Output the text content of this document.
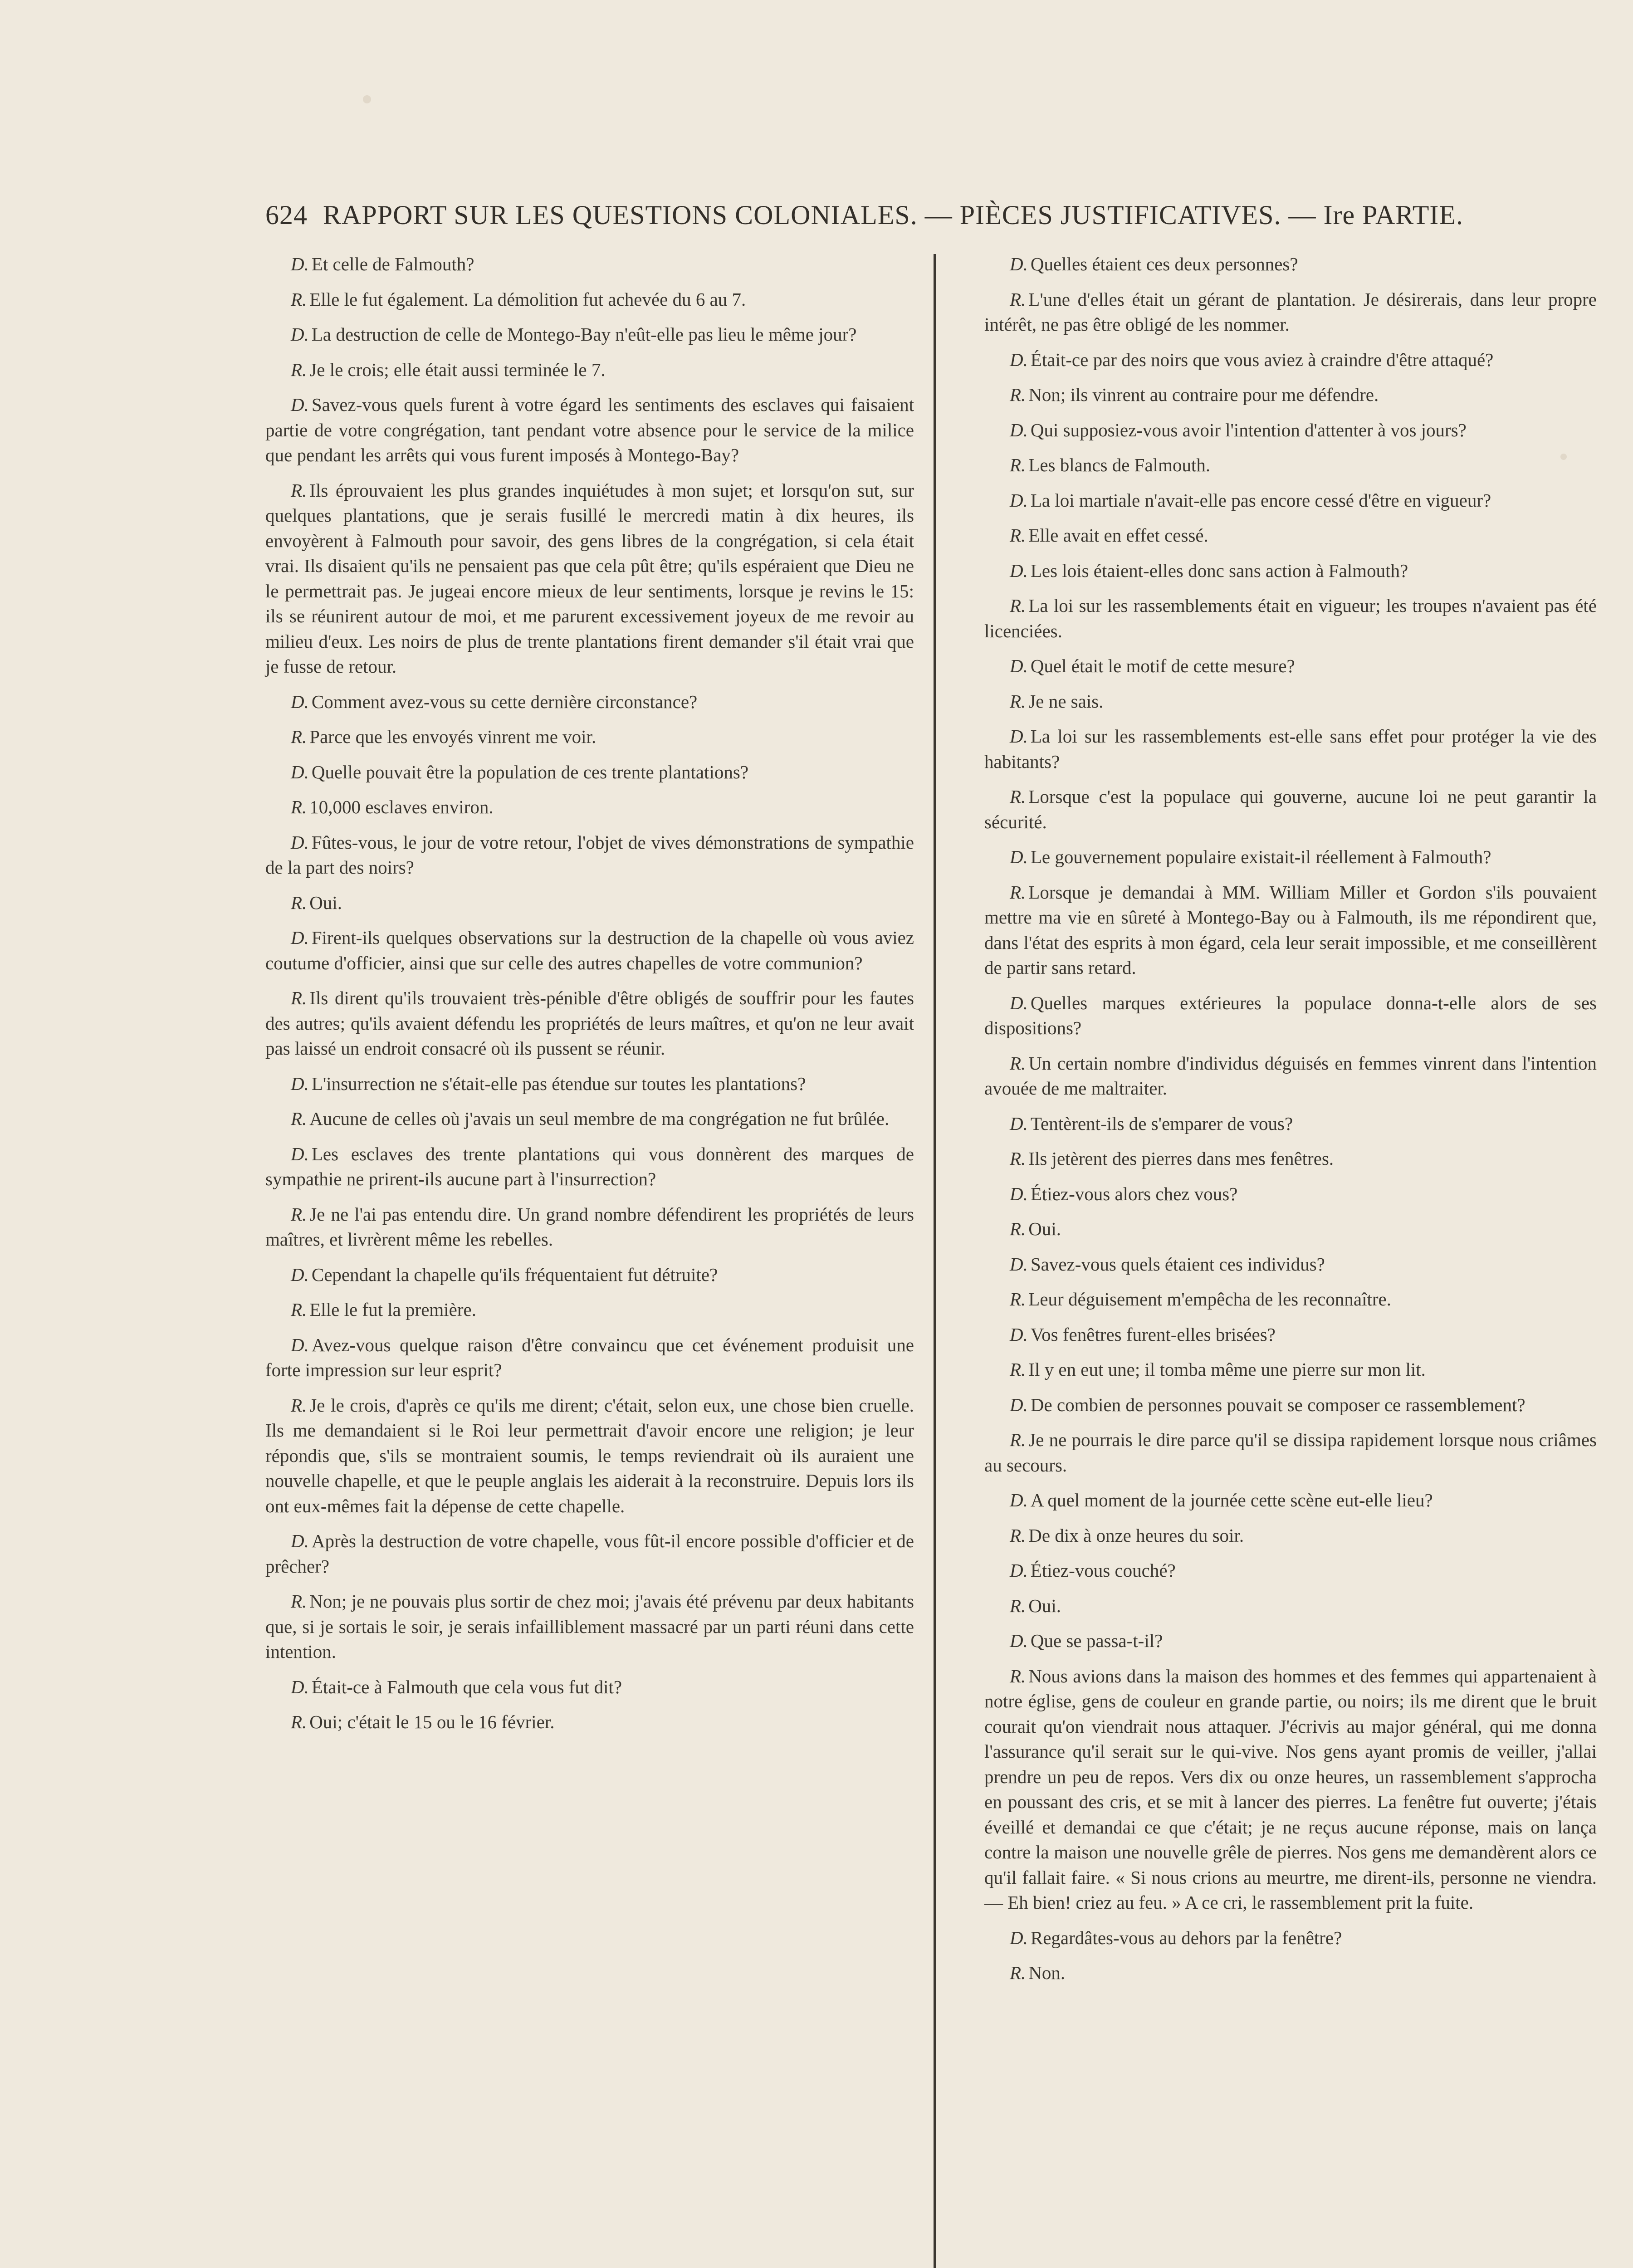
624 RAPPORT SUR LES QUESTIONS COLONIALES. — PIÈCES JUSTIFICATIVES. — Ire PARTIE.

D. Et celle de Falmouth?

R. Elle le fut également. La démolition fut achevée du 6 au 7.

D. La destruction de celle de Montego-Bay n'eût-elle pas lieu le même jour?

R. Je le crois; elle était aussi terminée le 7.

D. Savez-vous quels furent à votre égard les sentiments des esclaves qui faisaient partie de votre congrégation, tant pendant votre absence pour le service de la milice que pendant les arrêts qui vous furent imposés à Montego-Bay?

R. Ils éprouvaient les plus grandes inquiétudes à mon sujet; et lorsqu'on sut, sur quelques plantations, que je serais fusillé le mercredi matin à dix heures, ils envoyèrent à Falmouth pour savoir, des gens libres de la congrégation, si cela était vrai. Ils disaient qu'ils ne pensaient pas que cela pût être; qu'ils espéraient que Dieu ne le permettrait pas. Je jugeai encore mieux de leur sentiments, lorsque je revins le 15: ils se réunirent autour de moi, et me parurent excessivement joyeux de me revoir au milieu d'eux. Les noirs de plus de trente plantations firent demander s'il était vrai que je fusse de retour.

D. Comment avez-vous su cette dernière circonstance?

R. Parce que les envoyés vinrent me voir.

D. Quelle pouvait être la population de ces trente plantations?

R. 10,000 esclaves environ.

D. Fûtes-vous, le jour de votre retour, l'objet de vives démonstrations de sympathie de la part des noirs?

R. Oui.

D. Firent-ils quelques observations sur la destruction de la chapelle où vous aviez coutume d'officier, ainsi que sur celle des autres chapelles de votre communion?

R. Ils dirent qu'ils trouvaient très-pénible d'être obligés de souffrir pour les fautes des autres; qu'ils avaient défendu les propriétés de leurs maîtres, et qu'on ne leur avait pas laissé un endroit consacré où ils pussent se réunir.

D. L'insurrection ne s'était-elle pas étendue sur toutes les plantations?

R. Aucune de celles où j'avais un seul membre de ma congrégation ne fut brûlée.

D. Les esclaves des trente plantations qui vous donnèrent des marques de sympathie ne prirent-ils aucune part à l'insurrection?

R. Je ne l'ai pas entendu dire. Un grand nombre défendirent les propriétés de leurs maîtres, et livrèrent même les rebelles.

D. Cependant la chapelle qu'ils fréquentaient fut détruite?

R. Elle le fut la première.

D. Avez-vous quelque raison d'être convaincu que cet événement produisit une forte impression sur leur esprit?

R. Je le crois, d'après ce qu'ils me dirent; c'était, selon eux, une chose bien cruelle. Ils me demandaient si le Roi leur permettrait d'avoir encore une religion; je leur répondis que, s'ils se montraient soumis, le temps reviendrait où ils auraient une nouvelle chapelle, et que le peuple anglais les aiderait à la reconstruire. Depuis lors ils ont eux-mêmes fait la dépense de cette chapelle.

D. Après la destruction de votre chapelle, vous fût-il encore possible d'officier et de prêcher?

R. Non; je ne pouvais plus sortir de chez moi; j'avais été prévenu par deux habitants que, si je sortais le soir, je serais infailliblement massacré par un parti réuni dans cette intention.

D. Était-ce à Falmouth que cela vous fut dit?

R. Oui; c'était le 15 ou le 16 février.

D. Quelles étaient ces deux personnes?

R. L'une d'elles était un gérant de plantation. Je désirerais, dans leur propre intérêt, ne pas être obligé de les nommer.

D. Était-ce par des noirs que vous aviez à craindre d'être attaqué?

R. Non; ils vinrent au contraire pour me défendre.

D. Qui supposiez-vous avoir l'intention d'attenter à vos jours?

R. Les blancs de Falmouth.

D. La loi martiale n'avait-elle pas encore cessé d'être en vigueur?

R. Elle avait en effet cessé.

D. Les lois étaient-elles donc sans action à Falmouth?

R. La loi sur les rassemblements était en vigueur; les troupes n'avaient pas été licenciées.

D. Quel était le motif de cette mesure?

R. Je ne sais.

D. La loi sur les rassemblements est-elle sans effet pour protéger la vie des habitants?

R. Lorsque c'est la populace qui gouverne, aucune loi ne peut garantir la sécurité.

D. Le gouvernement populaire existait-il réellement à Falmouth?

R. Lorsque je demandai à MM. William Miller et Gordon s'ils pouvaient mettre ma vie en sûreté à Montego-Bay ou à Falmouth, ils me répondirent que, dans l'état des esprits à mon égard, cela leur serait impossible, et me conseillèrent de partir sans retard.

D. Quelles marques extérieures la populace donna-t-elle alors de ses dispositions?

R. Un certain nombre d'individus déguisés en femmes vinrent dans l'intention avouée de me maltraiter.

D. Tentèrent-ils de s'emparer de vous?

R. Ils jetèrent des pierres dans mes fenêtres.

D. Étiez-vous alors chez vous?

R. Oui.

D. Savez-vous quels étaient ces individus?

R. Leur déguisement m'empêcha de les reconnaître.

D. Vos fenêtres furent-elles brisées?

R. Il y en eut une; il tomba même une pierre sur mon lit.

D. De combien de personnes pouvait se composer ce rassemblement?

R. Je ne pourrais le dire parce qu'il se dissipa rapidement lorsque nous criâmes au secours.

D. A quel moment de la journée cette scène eut-elle lieu?

R. De dix à onze heures du soir.

D. Étiez-vous couché?

R. Oui.

D. Que se passa-t-il?

R. Nous avions dans la maison des hommes et des femmes qui appartenaient à notre église, gens de couleur en grande partie, ou noirs; ils me dirent que le bruit courait qu'on viendrait nous attaquer. J'écrivis au major général, qui me donna l'assurance qu'il serait sur le qui-vive. Nos gens ayant promis de veiller, j'allai prendre un peu de repos. Vers dix ou onze heures, un rassemblement s'approcha en poussant des cris, et se mit à lancer des pierres. La fenêtre fut ouverte; j'étais éveillé et demandai ce que c'était; je ne reçus aucune réponse, mais on lança contre la maison une nouvelle grêle de pierres. Nos gens me demandèrent alors ce qu'il fallait faire. « Si nous crions au meurtre, me dirent-ils, personne ne viendra. — Eh bien! criez au feu. » A ce cri, le rassemblement prit la fuite.

D. Regardâtes-vous au dehors par la fenêtre?

R. Non.
